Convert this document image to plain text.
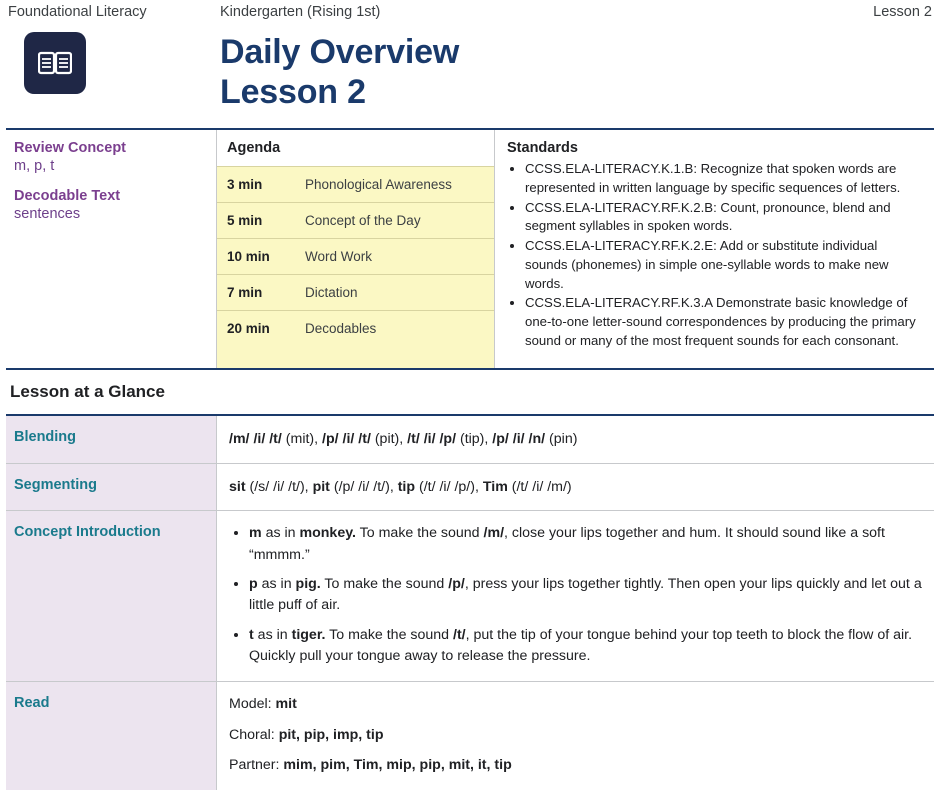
Foundational Literacy	Kindergarten (Rising 1st)	Lesson 2
Daily Overview
Lesson 2
Review Concept
m, p, t
Decodable Text
sentences
Agenda
3 min	Phonological Awareness
5 min	Concept of the Day
10 min	Word Work
7 min	Dictation
20 min	Decodables
Standards
• CCSS.ELA-LITERACY.K.1.B: Recognize that spoken words are represented in written language by specific sequences of letters.
• CCSS.ELA-LITERACY.RF.K.2.B: Count, pronounce, blend and segment syllables in spoken words.
• CCSS.ELA-LITERACY.RF.K.2.E: Add or substitute individual sounds (phonemes) in simple one-syllable words to make new words.
• CCSS.ELA-LITERACY.RF.K.3.A Demonstrate basic knowledge of one-to-one letter-sound correspondences by producing the primary sound or many of the most frequent sounds for each consonant.
Lesson at a Glance
Blending	/m/ /i/ /t/ (mit), /p/ /i/ /t/ (pit), /t/ /i/ /p/ (tip), /p/ /i/ /n/ (pin)
Segmenting	sit (/s/ /i/ /t/), pit (/p/ /i/ /t/), tip (/t/ /i/ /p/), Tim (/t/ /i/ /m/)
Concept Introduction	• m as in monkey. To make the sound /m/, close your lips together and hum. It should sound like a soft “mmmm.”
• p as in pig. To make the sound /p/, press your lips together tightly. Then open your lips quickly and let out a little puff of air.
• t as in tiger. To make the sound /t/, put the tip of your tongue behind your top teeth to block the flow of air. Quickly pull your tongue away to release the pressure.
Read	Model: mit
Choral: pit, pip, imp, tip
Partner: mim, pim, Tim, mip, pip, mit, it, tip
